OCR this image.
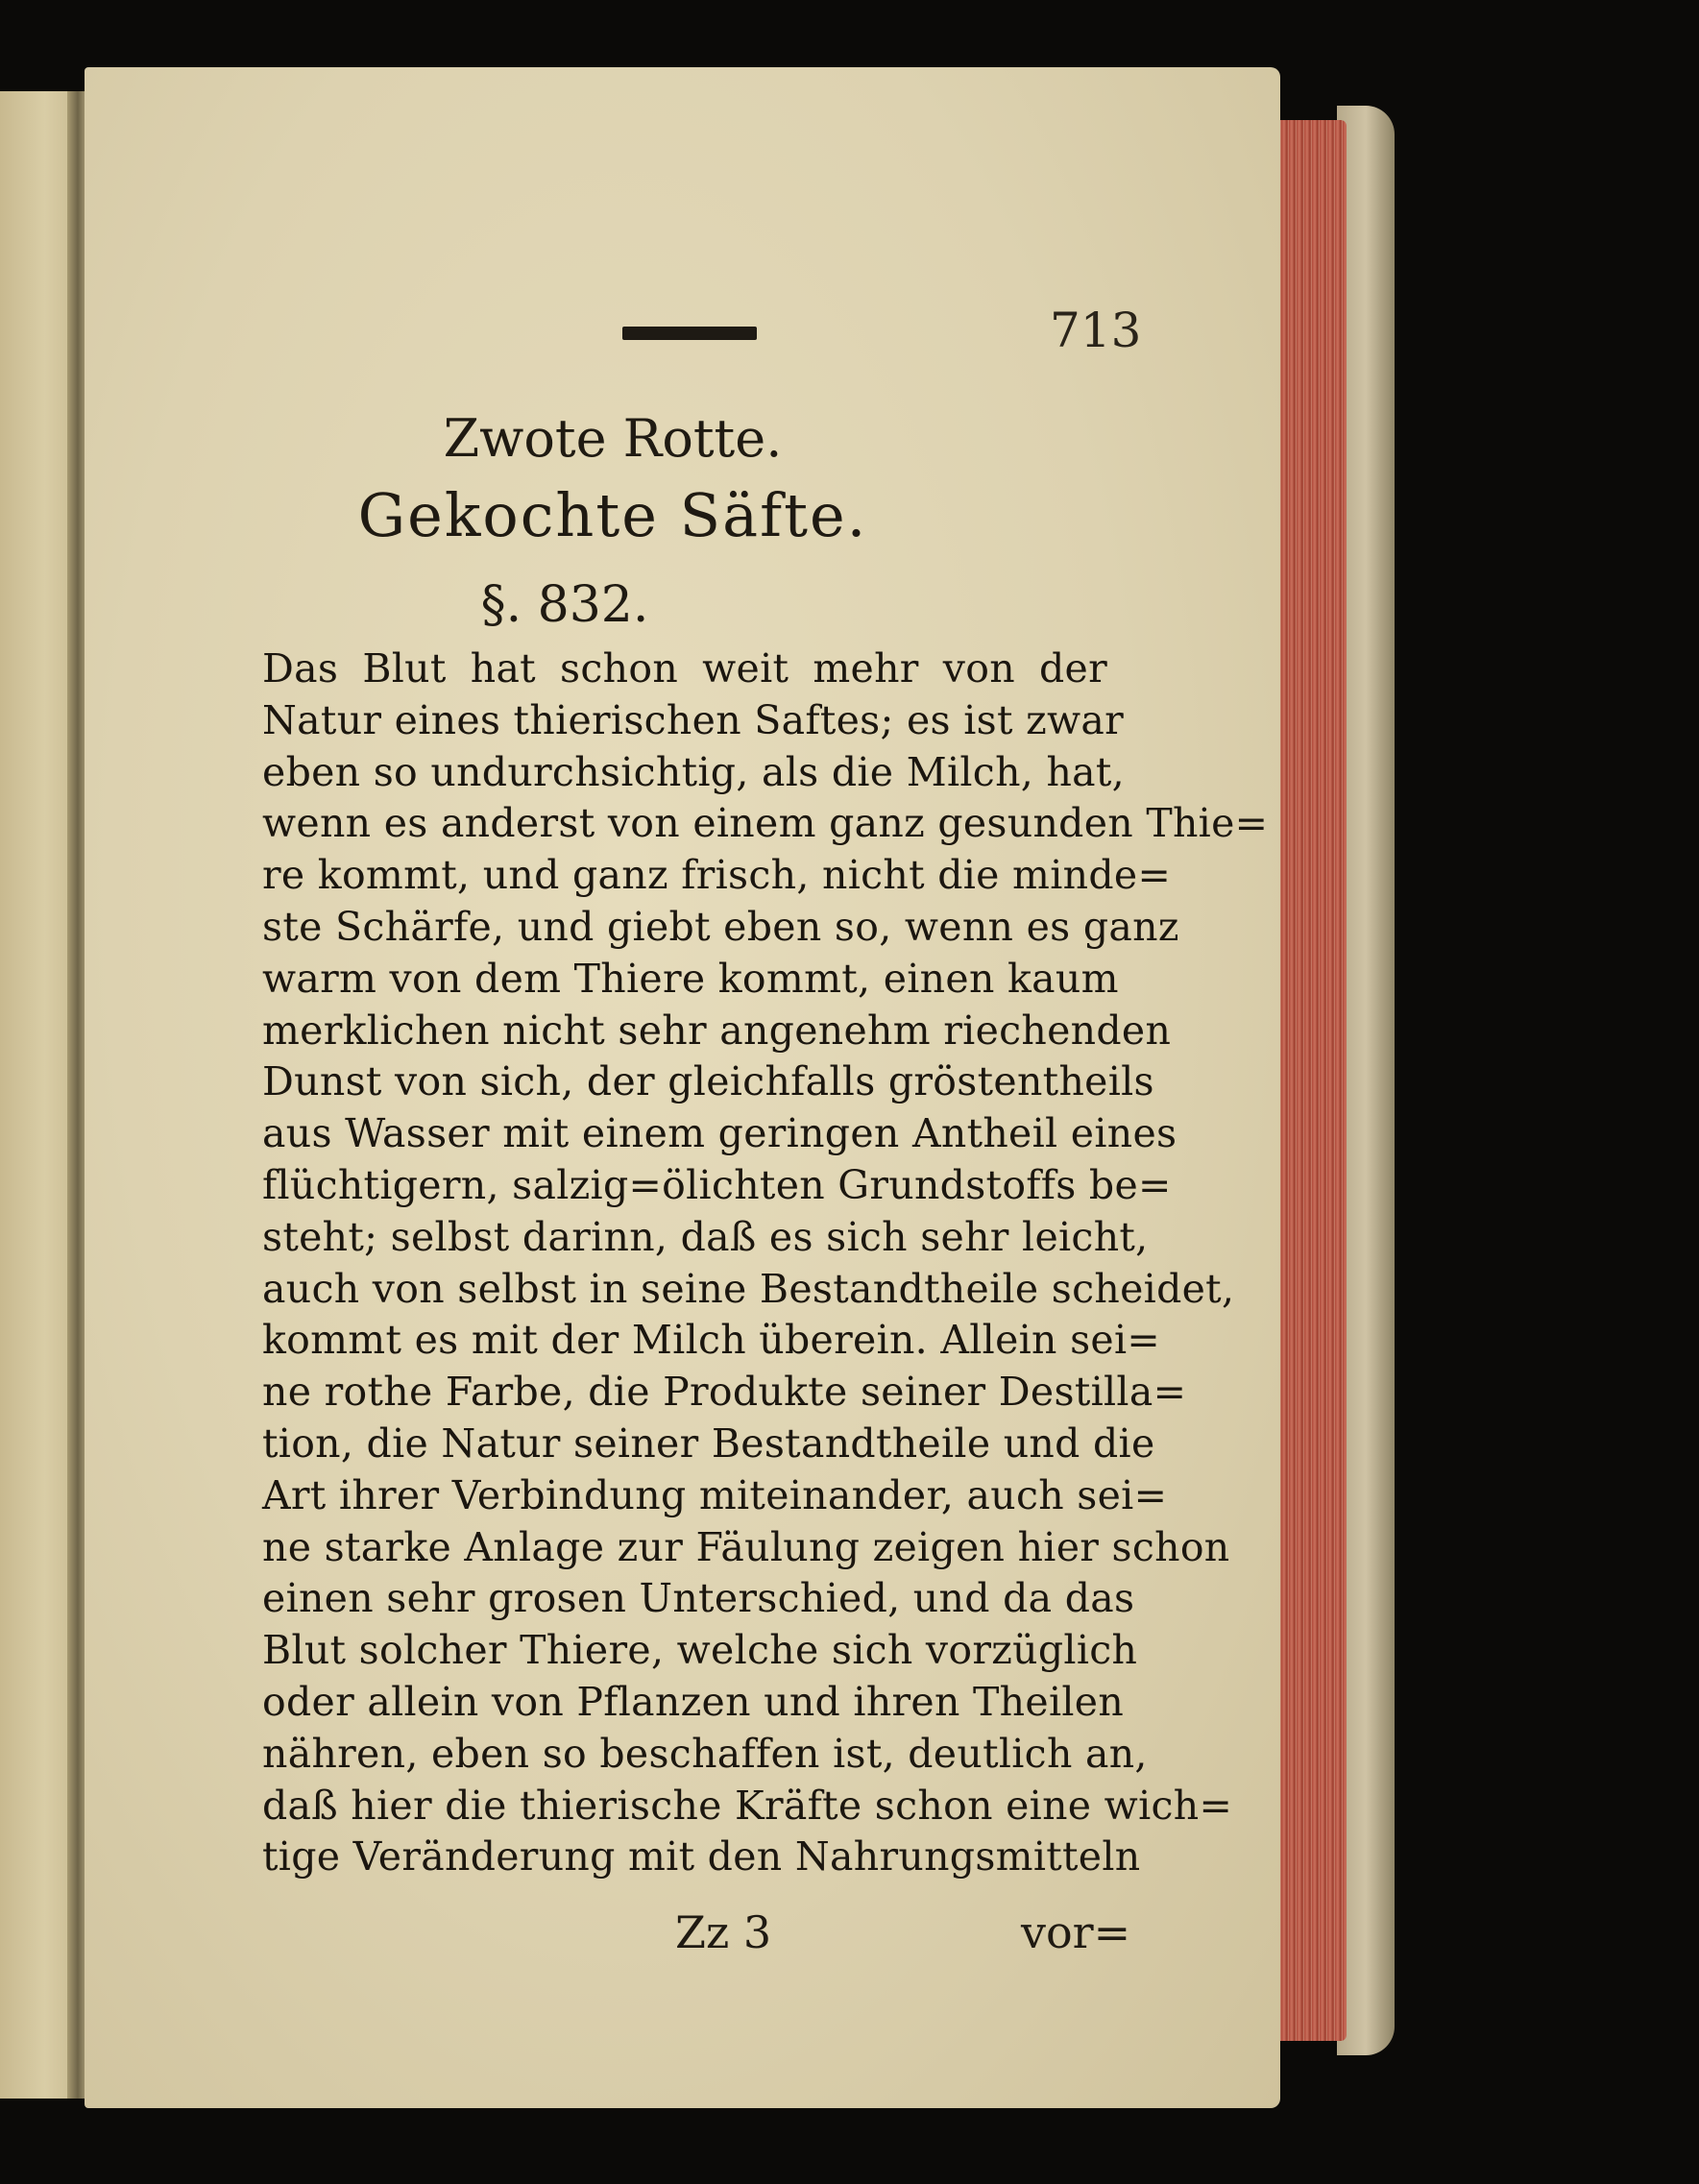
713
Zwote Rotte.
Gekochte Säfte.
§. 832.
Das Blut hat schon weit mehr von der
Natur eines thierischen Saftes; es ist zwar
eben so undurchsichtig, als die Milch, hat,
wenn es anderst von einem ganz gesunden Thie=
re kommt, und ganz frisch, nicht die minde=
ste Schärfe, und giebt eben so, wenn es ganz
warm von dem Thiere kommt, einen kaum
merklichen nicht sehr angenehm riechenden
Dunst von sich, der gleichfalls gröstentheils
aus Wasser mit einem geringen Antheil eines
flüchtigern, salzig=ölichten Grundstoffs be=
steht; selbst darinn, daß es sich sehr leicht,
auch von selbst in seine Bestandtheile scheidet,
kommt es mit der Milch überein. Allein sei=
ne rothe Farbe, die Produkte seiner Destilla=
tion, die Natur seiner Bestandtheile und die
Art ihrer Verbindung miteinander, auch sei=
ne starke Anlage zur Fäulung zeigen hier schon
einen sehr grosen Unterschied, und da das
Blut solcher Thiere, welche sich vorzüglich
oder allein von Pflanzen und ihren Theilen
nähren, eben so beschaffen ist, deutlich an,
daß hier die thierische Kräfte schon eine wich=
tige Veränderung mit den Nahrungsmitteln
Zz 3	vor=
